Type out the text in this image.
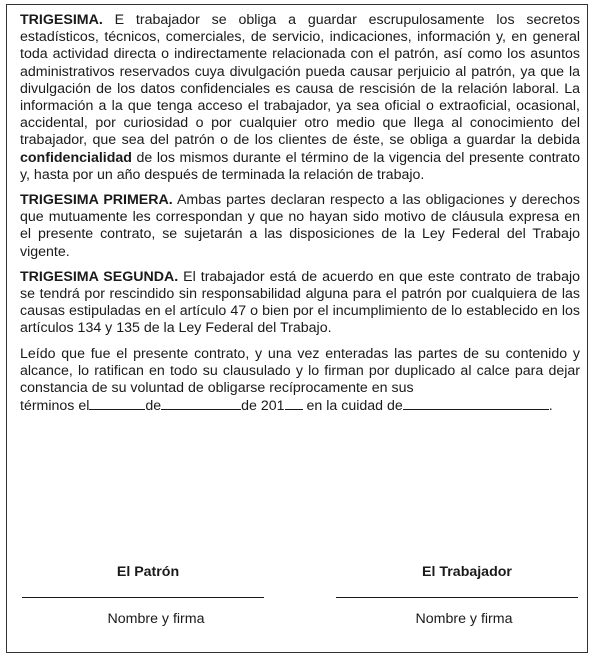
TRIGESIMA. E trabajador se obliga a guardar escrupulosamente los secretos estadísticos, técnicos, comerciales, de servicio, indicaciones, información y, en general toda actividad directa o indirectamente relacionada con el patrón, así como los asuntos administrativos reservados cuya divulgación pueda causar perjuicio al patrón, ya que la divulgación de los datos confidenciales es causa de rescisión de la relación laboral. La información a la que tenga acceso el trabajador, ya sea oficial o extraoficial, ocasional, accidental, por curiosidad o por cualquier otro medio que llega al conocimiento del trabajador, que sea del patrón o de los clientes de éste, se obliga a guardar la debida confidencialidad de los mismos durante el término de la vigencia del presente contrato y, hasta por un año después de terminada la relación de trabajo.

TRIGESIMA PRIMERA. Ambas partes declaran respecto a las obligaciones y derechos que mutuamente les correspondan y que no hayan sido motivo de cláusula expresa en el presente contrato, se sujetarán a las disposiciones de la Ley Federal del Trabajo vigente.

TRIGESIMA SEGUNDA. El trabajador está de acuerdo en que este contrato de trabajo se tendrá por rescindido sin responsabilidad alguna para el patrón por cualquiera de las causas estipuladas en el artículo 47 o bien por el incumplimiento de lo establecido en los artículos 134 y 135 de la Ley Federal del Trabajo.

Leído que fue el presente contrato, y una vez enteradas las partes de su contenido y alcance, lo ratifican en todo su clausulado y lo firman por duplicado al calce para dejar constancia de su voluntad de obligarse recíprocamente en sus

términos el	de	de 201 en la cuidad de	.

El Patrón
Nombre y firma
El Trabajador
Nombre y firma
